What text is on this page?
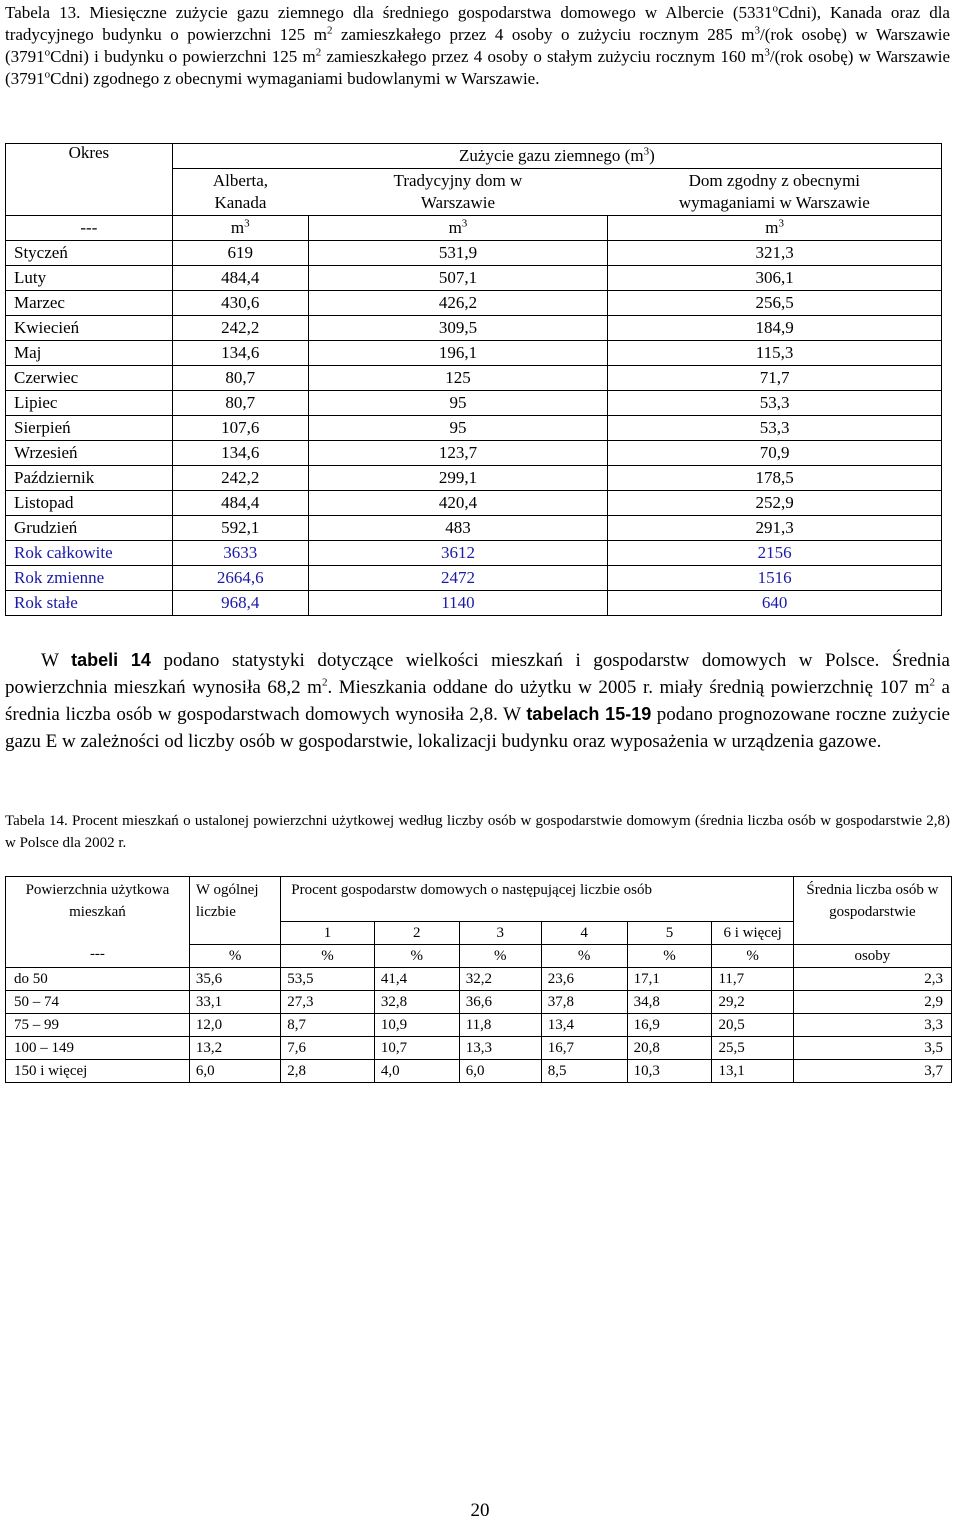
Tabela 13. Miesięczne zużycie gazu ziemnego dla średniego gospodarstwa domowego w Albercie (5331$^o$Cdni), Kanada oraz dla tradycyjnego budynku o powierzchni 125 $m^2$ zamieszkałego przez 4 osoby o zużyciu rocznym 285 $m^3/(rok$ osobę) w Warszawie (3791$^o$Cdni) i budynku o powierzchni 125 $m^2$ zamieszkałego przez 4 osoby o stałym zużyciu rocznym 160 $m^3/(rok$ osobę) w Warszawie (3791$^o$Cdni) zgodnego z obecnymi wymaganiami budowlanymi w Warszawie.

Okres	Zużycie gazu ziemnego $(m^3)$		

	Alberta, Kanada	Tradycyjny dom w Warszawie	Dom zgodny z obecnymi wymaganiami w Warszawie

---	$m^3$	$m^3$	$m^3$
Styczeń	619	531,9	321,3
Luty	484,4	507,1	306,1
Marzec	430,6	426,2	256,5
Kwiecień	242,2	309,5	184,9
Maj	134,6	196,1	115,3
Czerwiec	80,7	125	71,7
Lipiec	80,7	95	53,3
Sierpień	107,6	95	53,3
Wrzesień	134,6	123,7	70,9
Październik	242,2	299,1	178,5
Listopad	484,4	420,4	252,9
Grudzień	592,1	483	291,3
Rok całkowite	3633	3612	2156
Rok zmienne	2664,6	2472	1516
Rok stałe	968,4	1140	640

W tabeli 14 podano statystyki dotyczące wielkości mieszkań i gospodarstw domowych w Polsce. Średnia powierzchnia mieszkań wynosiła 68,2 $m^2$. Mieszkania oddane do użytku w 2005 r. miały średnią powierzchnię 107 $m^2$ a średnia liczba osób w gospodarstwach domowych wynosiła 2,8. W tabelach 15-19 podano prognozowane roczne zużycie gazu E w zależności od liczby osób w gospodarstwie, lokalizacji budynku oraz wyposażenia w urządzenia gazowe.

Tabela 14. Procent mieszkań o ustalonej powierzchni użytkowej według liczby osób w gospodarstwie domowym (średnia liczba osób w gospodarstwie 2,8) w Polsce dla 2002 r.
Powierzchnia użytkowa mieszkań	W ogólnej liczbie	Procent gospodarstw domowych o następującej liczbie osób						Średnia liczba osób w gospodarstwie

		1	2	3	4	5	6 i więcej	
---	%	%	%	%	%	%	%	osoby
do 50	35,6	53,5	41,4	32,2	23,6	17,1	11,7	2,3
50 – 74	33,1	27,3	32,8	36,6	37,8	34,8	29,2	2,9
75 – 99	12,0	8,7	10,9	11,8	13,4	16,9	20,5	3,3
100 – 149	13,2	7,6	10,7	13,3	16,7	20,8	25,5	3,5
150 i więcej	6,0	2,8	4,0	6,0	8,5	10,3	13,1	3,7
20
